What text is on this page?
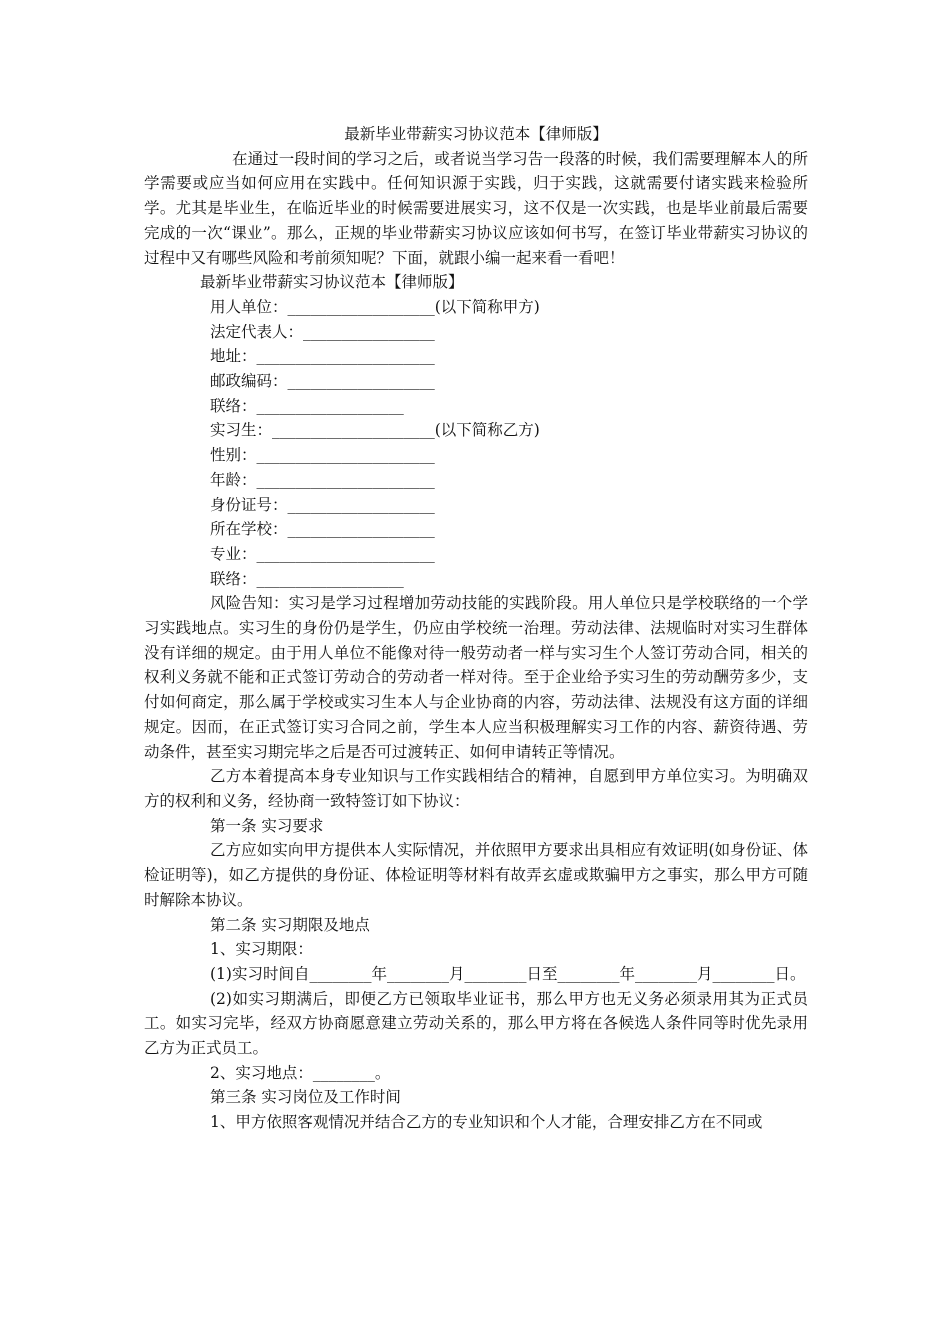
最新毕业带薪实习协议范本【律师版】

在通过一段时间的学习之后，或者说当学习告一段落的时候，我们需要理解本人的所学需要或应当如何应用在实践中。任何知识源于实践，归于实践，这就需要付诸实践来检验所学。尤其是毕业生，在临近毕业的时候需要进展实习，这不仅是一次实践，也是毕业前最后需要完成的一次“课业”。那么，正规的毕业带薪实习协议应该如何书写，在签订毕业带薪实习协议的过程中又有哪些风险和考前须知呢？下面，就跟小编一起来看一看吧！

最新毕业带薪实习协议范本【律师版】

用人单位：___________________(以下简称甲方)

法定代表人：_________________

地址：_______________________

邮政编码：___________________

联络：___________________

实习生：_____________________(以下简称乙方)

性别：_______________________

年龄：_______________________

身份证号：___________________

所在学校：___________________

专业：_______________________

联络：___________________

风险告知：实习是学习过程增加劳动技能的实践阶段。用人单位只是学校联络的一个学习实践地点。实习生的身份仍是学生，仍应由学校统一治理。劳动法律、法规临时对实习生群体没有详细的规定。由于用人单位不能像对待一般劳动者一样与实习生个人签订劳动合同，相关的权利义务就不能和正式签订劳动合的劳动者一样对待。至于企业给予实习生的劳动酬劳多少，支付如何商定，那么属于学校或实习生本人与企业协商的内容，劳动法律、法规没有这方面的详细规定。因而，在正式签订实习合同之前，学生本人应当积极理解实习工作的内容、薪资待遇、劳动条件，甚至实习期完毕之后是否可过渡转正、如何申请转正等情况。

乙方本着提高本身专业知识与工作实践相结合的精神，自愿到甲方单位实习。为明确双方的权利和义务，经协商一致特签订如下协议：

第一条 实习要求

乙方应如实向甲方提供本人实际情况，并依照甲方要求出具相应有效证明(如身份证、体检证明等)，如乙方提供的身份证、体检证明等材料有故弄玄虚或欺骗甲方之事实，那么甲方可随时解除本协议。

第二条 实习期限及地点

1、实习期限：

(1)实习时间自________年________月________日至________年________月________日。

(2)如实习期满后，即便乙方已领取毕业证书，那么甲方也无义务必须录用其为正式员工。如实习完毕，经双方协商愿意建立劳动关系的，那么甲方将在各候选人条件同等时优先录用乙方为正式员工。

2、实习地点：________。

第三条 实习岗位及工作时间

1、甲方依照客观情况并结合乙方的专业知识和个人才能，合理安排乙方在不同或
